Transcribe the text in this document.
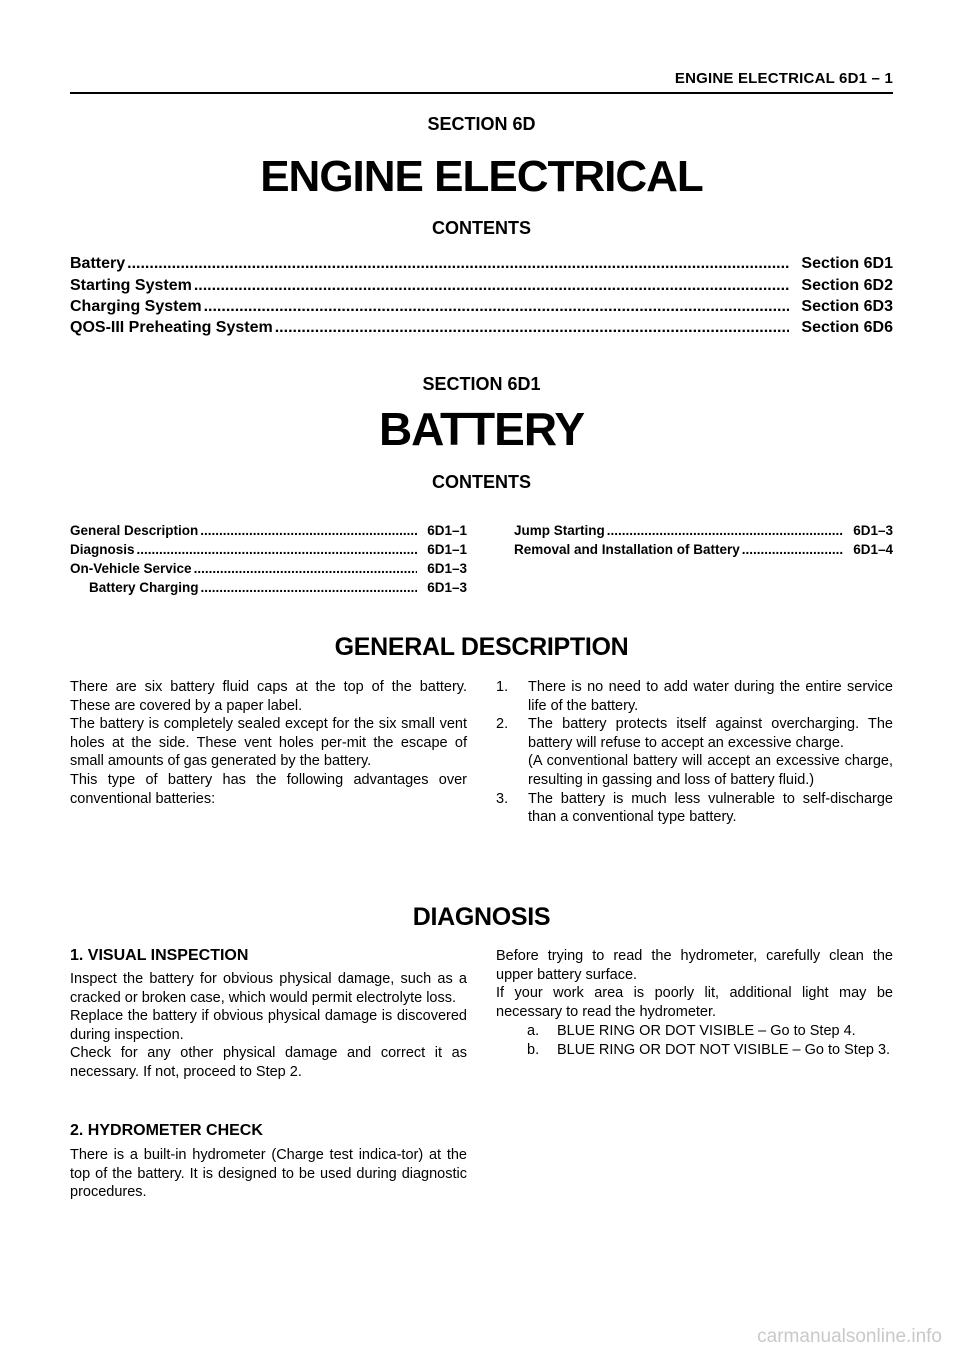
ENGINE ELECTRICAL 6D1 – 1
SECTION 6D
ENGINE ELECTRICAL
CONTENTS
Battery .....	Section 6D1
Starting System .....	Section 6D2
Charging System .....	Section 6D3
QOS-III Preheating System .....	Section 6D6
SECTION 6D1
BATTERY
CONTENTS
General Description .....	6D1–1
Diagnosis .....	6D1–1
On-Vehicle Service .....	6D1–3
Battery Charging .....	6D1–3
Jump Starting .....	6D1–3
Removal and Installation of Battery .....	6D1–4
GENERAL DESCRIPTION

There are six battery fluid caps at the top of the battery. These are covered by a paper label.

The battery is completely sealed except for the six small vent holes at the side. These vent holes per-mit the escape of small amounts of gas generated by the battery.

This type of battery has the following advantages over conventional batteries:

1.	There is no need to add water during the entire service life of the battery.
2.	The battery protects itself against overcharging. The battery will refuse to accept an excessive charge.
(A conventional battery will accept an excessive charge, resulting in gassing and loss of battery fluid.)
3.	The battery is much less vulnerable to self-discharge than a conventional type battery.
DIAGNOSIS
1. VISUAL INSPECTION

Inspect the battery for obvious physical damage, such as a cracked or broken case, which would permit electrolyte loss.

Replace the battery if obvious physical damage is discovered during inspection.

Check for any other physical damage and correct it as necessary. If not, proceed to Step 2.

2. HYDROMETER CHECK

There is a built-in hydrometer (Charge test indica-tor) at the top of the battery. It is designed to be used during diagnostic procedures.

Before trying to read the hydrometer, carefully clean the upper battery surface.

If your work area is poorly lit, additional light may be necessary to read the hydrometer.

a.	BLUE RING OR DOT VISIBLE – Go to Step 4.
b.	BLUE RING OR DOT NOT VISIBLE – Go to Step 3.
carmanualsonline.info
